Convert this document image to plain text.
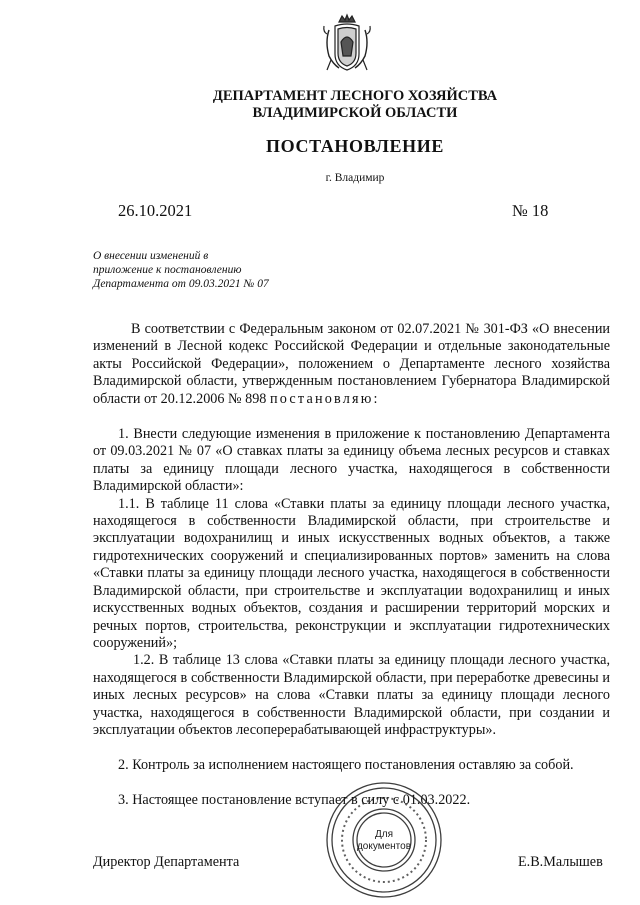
ДЕПАРТАМЕНТ ЛЕСНОГО ХОЗЯЙСТВА
ВЛАДИМИРСКОЙ ОБЛАСТИ
ПОСТАНОВЛЕНИЕ
г. Владимир
26.10.2021	№ 18
О внесении изменений в
приложение к постановлению
Департамента от 09.03.2021 № 07

В соответствии с Федеральным законом от 02.07.2021 № 301-ФЗ «О внесении изменений в Лесной кодекс Российской Федерации и отдельные законодательные акты Российской Федерации», положением о Департаменте лесного хозяйства Владимирской области, утвержденным постановлением Губернатора Владимирской области от 20.12.2006 № 898 постановляю:

1. Внести следующие изменения в приложение к постановлению Департамента от 09.03.2021 № 07 «О ставках платы за единицу объема лесных ресурсов и ставках платы за единицу площади лесного участка, находящегося в собственности Владимирской области»:

1.1. В таблице 11 слова «Ставки платы за единицу площади лесного участка, находящегося в собственности Владимирской области, при строительстве и эксплуатации водохранилищ и иных искусственных водных объектов, а также гидротехнических сооружений и специализированных портов» заменить на слова «Ставки платы за единицу площади лесного участка, находящегося в собственности Владимирской области, при строительстве и эксплуатации водохранилищ и иных искусственных водных объектов, создания и расширении территорий морских и речных портов, строительства, реконструкции и эксплуатации гидротехнических сооружений»;

1.2. В таблице 13 слова «Ставки платы за единицу площади лесного участка, находящегося в собственности Владимирской области, при переработке древесины и иных лесных ресурсов» на слова «Ставки платы за единицу площади лесного участка, находящегося в собственности Владимирской области, при создании и эксплуатации объектов лесоперерабатывающей инфраструктуры».

2. Контроль за исполнением настоящего постановления оставляю за собой.

3. Настоящее постановление вступает в силу с 01.03.2022.

Директор Департамента	Е.В.Малышев
Для
документов
